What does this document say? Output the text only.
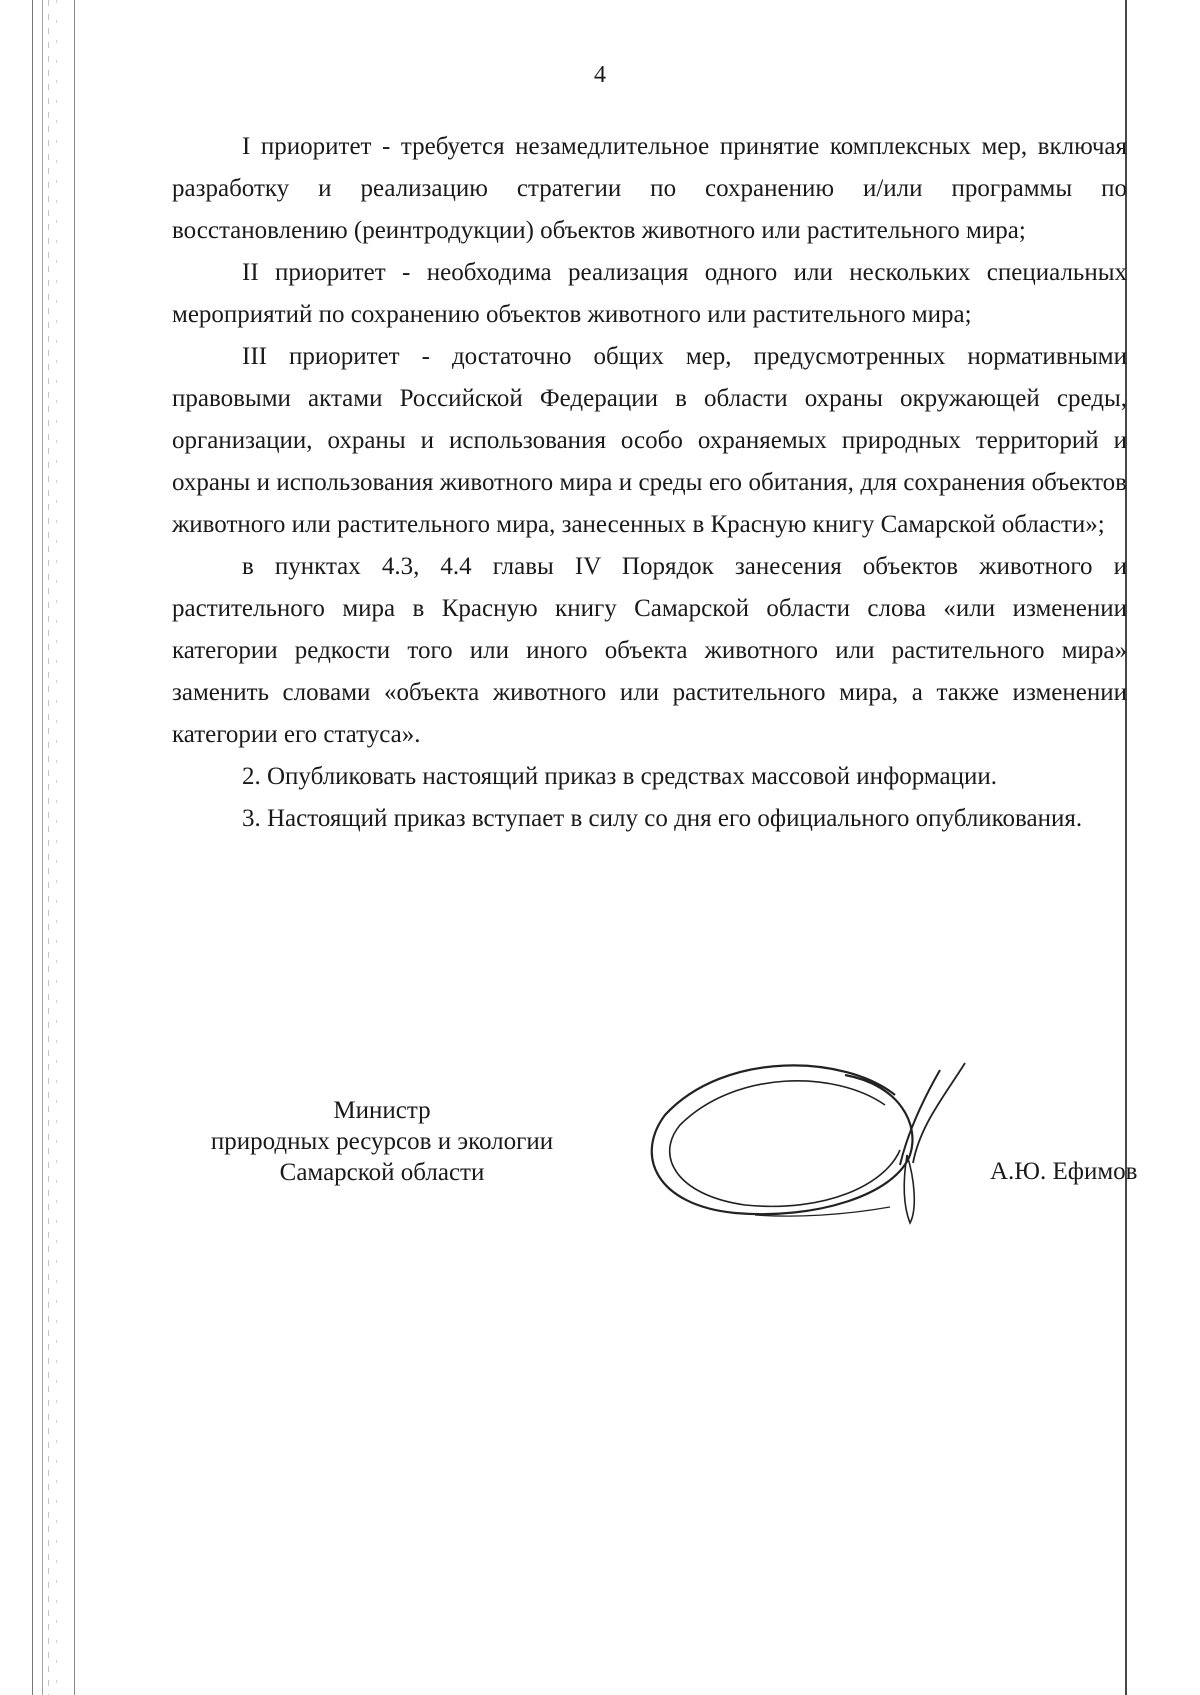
4

I приоритет - требуется незамедлительное принятие комплексных мер, включая разработку и реализацию стратегии по сохранению и/или программы по восстановлению (реинтродукции) объектов животного или растительного мира;

II приоритет - необходима реализация одного или нескольких специальных мероприятий по сохранению объектов животного или растительного мира;

III приоритет - достаточно общих мер, предусмотренных нормативными правовыми актами Российской Федерации в области охраны окружающей среды, организации, охраны и использования особо охраняемых природных территорий и охраны и использования животного мира и среды его обитания, для сохранения объектов животного или растительного мира, занесенных в Красную книгу Самарской области»;

в пунктах 4.3, 4.4 главы IV Порядок занесения объектов животного и растительного мира в Красную книгу Самарской области слова «или изменении категории редкости того или иного объекта животного или растительного мира» заменить словами «объекта животного или растительного мира, а также изменении категории его статуса».

2. Опубликовать настоящий приказ в средствах массовой информации.

3. Настоящий приказ вступает в силу со дня его официального опубликования.

Министр
природных ресурсов и экологии
Самарской области	А.Ю. Ефимов
